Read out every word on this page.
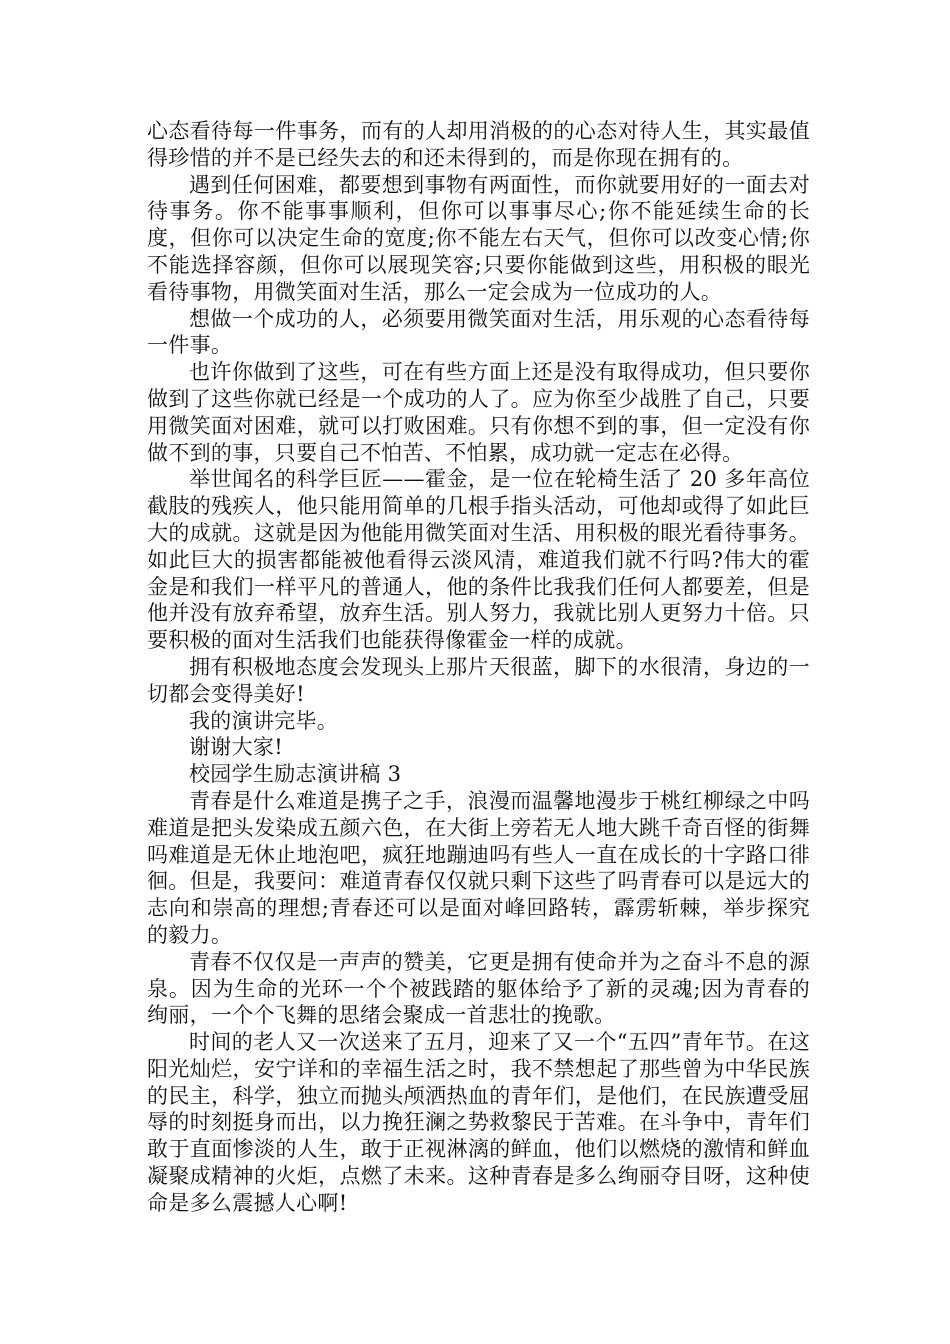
心态看待每一件事务，而有的人却用消极的的心态对待人生，其实最值得珍惜的并不是已经失去的和还未得到的，而是你现在拥有的。

遇到任何困难，都要想到事物有两面性，而你就要用好的一面去对待事务。你不能事事顺利，但你可以事事尽心;你不能延续生命的长度，但你可以决定生命的宽度;你不能左右天气，但你可以改变心情;你不能选择容颜，但你可以展现笑容;只要你能做到这些，用积极的眼光看待事物，用微笑面对生活，那么一定会成为一位成功的人。

想做一个成功的人，必须要用微笑面对生活，用乐观的心态看待每一件事。

也许你做到了这些，可在有些方面上还是没有取得成功，但只要你做到了这些你就已经是一个成功的人了。应为你至少战胜了自己，只要用微笑面对困难，就可以打败困难。只有你想不到的事，但一定没有你做不到的事，只要自己不怕苦、不怕累，成功就一定志在必得。

举世闻名的科学巨匠——霍金，是一位在轮椅生活了 20 多年高位截肢的残疾人，他只能用简单的几根手指头活动，可他却或得了如此巨大的成就。这就是因为他能用微笑面对生活、用积极的眼光看待事务。如此巨大的损害都能被他看得云淡风清，难道我们就不行吗?伟大的霍金是和我们一样平凡的普通人，他的条件比我我们任何人都要差，但是他并没有放弃希望，放弃生活。别人努力，我就比别人更努力十倍。只要积极的面对生活我们也能获得像霍金一样的成就。

拥有积极地态度会发现头上那片天很蓝，脚下的水很清，身边的一切都会变得美好!

我的演讲完毕。

谢谢大家!

校园学生励志演讲稿 3

青春是什么难道是携子之手，浪漫而温馨地漫步于桃红柳绿之中吗难道是把头发染成五颜六色，在大街上旁若无人地大跳千奇百怪的街舞吗难道是无休止地泡吧，疯狂地蹦迪吗有些人一直在成长的十字路口徘徊。但是，我要问：难道青春仅仅就只剩下这些了吗青春可以是远大的志向和崇高的理想;青春还可以是面对峰回路转，霹雳斩棘，举步探究的毅力。

青春不仅仅是一声声的赞美，它更是拥有使命并为之奋斗不息的源泉。因为生命的光环一个个被践踏的躯体给予了新的灵魂;因为青春的绚丽，一个个飞舞的思绪会聚成一首悲壮的挽歌。

时间的老人又一次送来了五月，迎来了又一个“五四”青年节。在这阳光灿烂，安宁详和的幸福生活之时，我不禁想起了那些曾为中华民族的民主，科学，独立而抛头颅洒热血的青年们，是他们，在民族遭受屈辱的时刻挺身而出，以力挽狂澜之势救黎民于苦难。在斗争中，青年们敢于直面惨淡的人生，敢于正视淋漓的鲜血，他们以燃烧的激情和鲜血凝聚成精神的火炬，点燃了未来。这种青春是多么绚丽夺目呀，这种使命是多么震撼人心啊!
